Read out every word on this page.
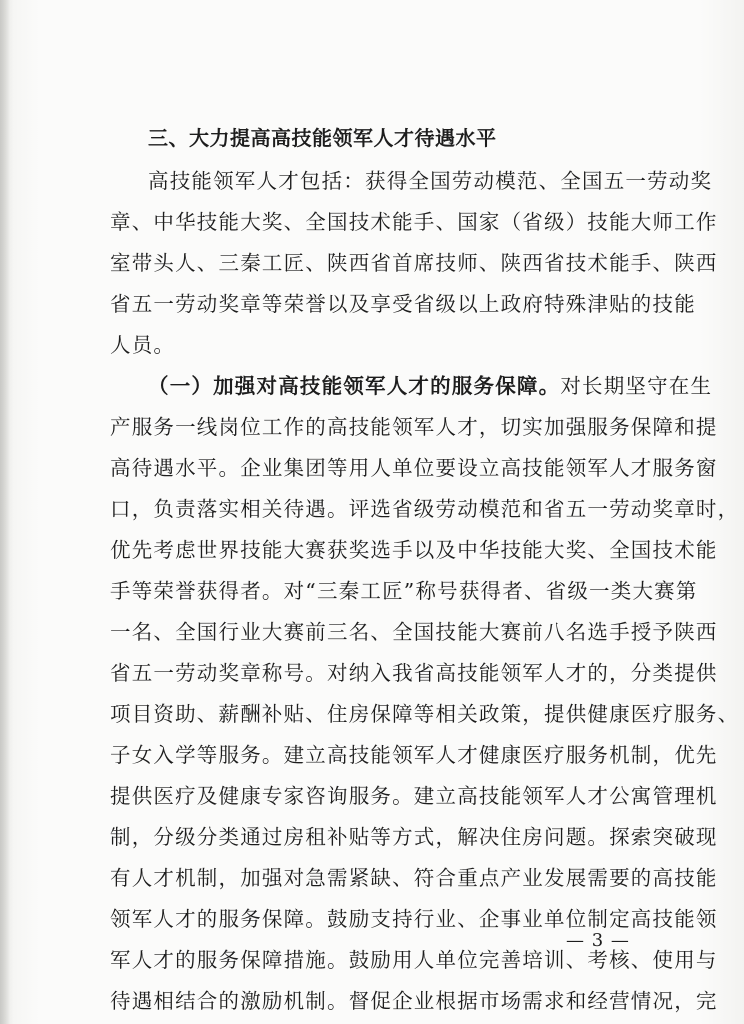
三、大力提高高技能领军人才待遇水平
高技能领军人才包括：获得全国劳动模范、全国五一劳动奖
章、中华技能大奖、全国技术能手、国家（省级）技能大师工作
室带头人、三秦工匠、陕西省首席技师、陕西省技术能手、陕西
省五一劳动奖章等荣誉以及享受省级以上政府特殊津贴的技能
人员。
（一）加强对高技能领军人才的服务保障。对长期坚守在生
产服务一线岗位工作的高技能领军人才，切实加强服务保障和提
高待遇水平。企业集团等用人单位要设立高技能领军人才服务窗
口，负责落实相关待遇。评选省级劳动模范和省五一劳动奖章时，
优先考虑世界技能大赛获奖选手以及中华技能大奖、全国技术能
手等荣誉获得者。对“三秦工匠”称号获得者、省级一类大赛第
一名、全国行业大赛前三名、全国技能大赛前八名选手授予陕西
省五一劳动奖章称号。对纳入我省高技能领军人才的，分类提供
项目资助、薪酬补贴、住房保障等相关政策，提供健康医疗服务、
子女入学等服务。建立高技能领军人才健康医疗服务机制，优先
提供医疗及健康专家咨询服务。建立高技能领军人才公寓管理机
制，分级分类通过房租补贴等方式，解决住房问题。探索突破现
有人才机制，加强对急需紧缺、符合重点产业发展需要的高技能
领军人才的服务保障。鼓励支持行业、企事业单位制定高技能领
军人才的服务保障措施。鼓励用人单位完善培训、考核、使用与
待遇相结合的激励机制。督促企业根据市场需求和经营情况，完
— 3 —
